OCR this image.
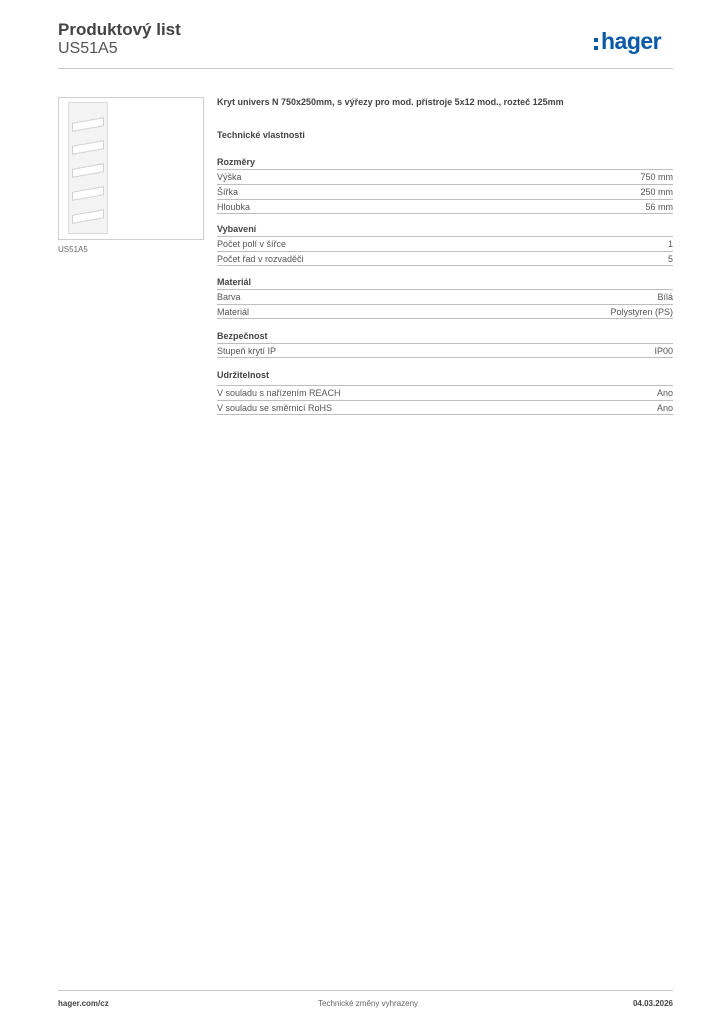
Produktový list
US51A5	hager
US51A5
Kryt univers N 750x250mm, s výřezy pro mod. přístroje 5x12 mod., rozteč 125mm
Technické vlastnosti
Rozměry
Výška	750 mm
Šířka	250 mm
Hloubka	56 mm
Vybavení
Počet polí v šířce	1
Počet řad v rozvaděči	5
Materiál
Barva	Bílá
Materiál	Polystyren (PS)
Bezpečnost
Stupeň krytí IP	IP00
Udržitelnost
V souladu s nařízením REACH	Ano
V souladu se směrnicí RoHS	Ano
hager.com/cz	Technické změny vyhrazeny	04.03.2026
